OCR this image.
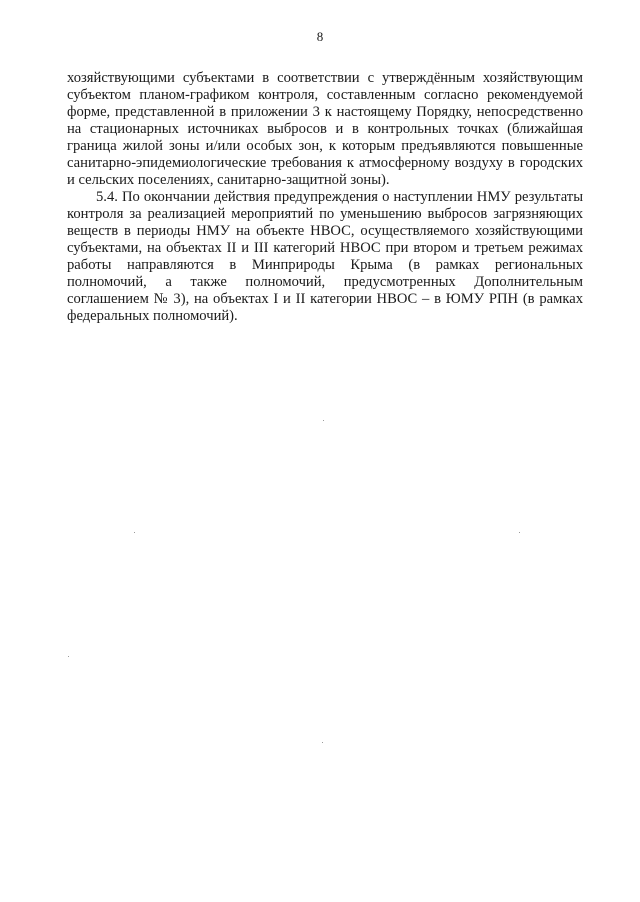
8

хозяйствующими субъектами в соответствии с утверждённым хозяйствующим субъектом планом-графиком контроля, составленным согласно рекомендуемой форме, представленной в приложении 3 к настоящему Порядку, непосредственно на стационарных источниках выбросов и в контрольных точках (ближайшая граница жилой зоны и/или особых зон, к которым предъявляются повышенные санитарно-эпидемиологические требования к атмосферному воздуху в городских и сельских поселениях, санитарно-защитной зоны).

5.4. По окончании действия предупреждения о наступлении НМУ результаты контроля за реализацией мероприятий по уменьшению выбросов загрязняющих веществ в периоды НМУ на объекте НВОС, осуществляемого хозяйствующими субъектами, на объектах II и III категорий НВОС при втором и третьем режимах работы направляются в Минприроды Крыма (в рамках региональных полномочий, а также полномочий, предусмотренных Дополнительным соглашением № 3), на объектах I и II категории НВОС – в ЮМУ РПН (в рамках федеральных полномочий).
